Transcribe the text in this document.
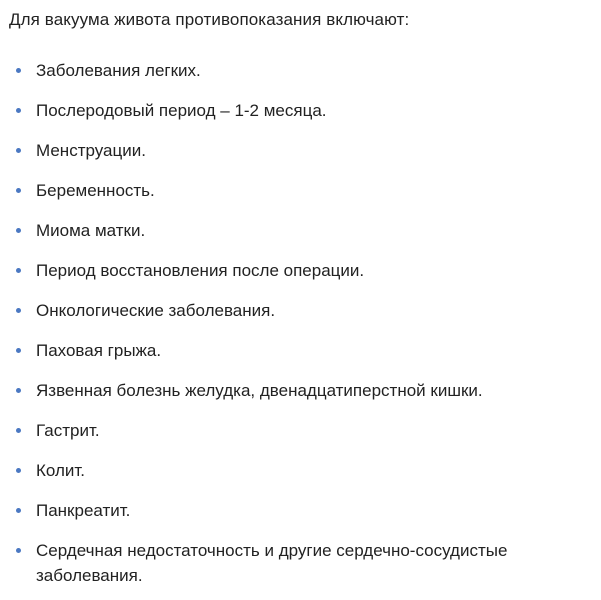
Для вакуума живота противопоказания включают:
Заболевания легких.
Послеродовый период – 1-2 месяца.
Менструации.
Беременность.
Миома матки.
Период восстановления после операции.
Онкологические заболевания.
Паховая грыжа.
Язвенная болезнь желудка, двенадцатиперстной кишки.
Гастрит.
Колит.
Панкреатит.
Сердечная недостаточность и другие сердечно-сосудистые заболевания.
